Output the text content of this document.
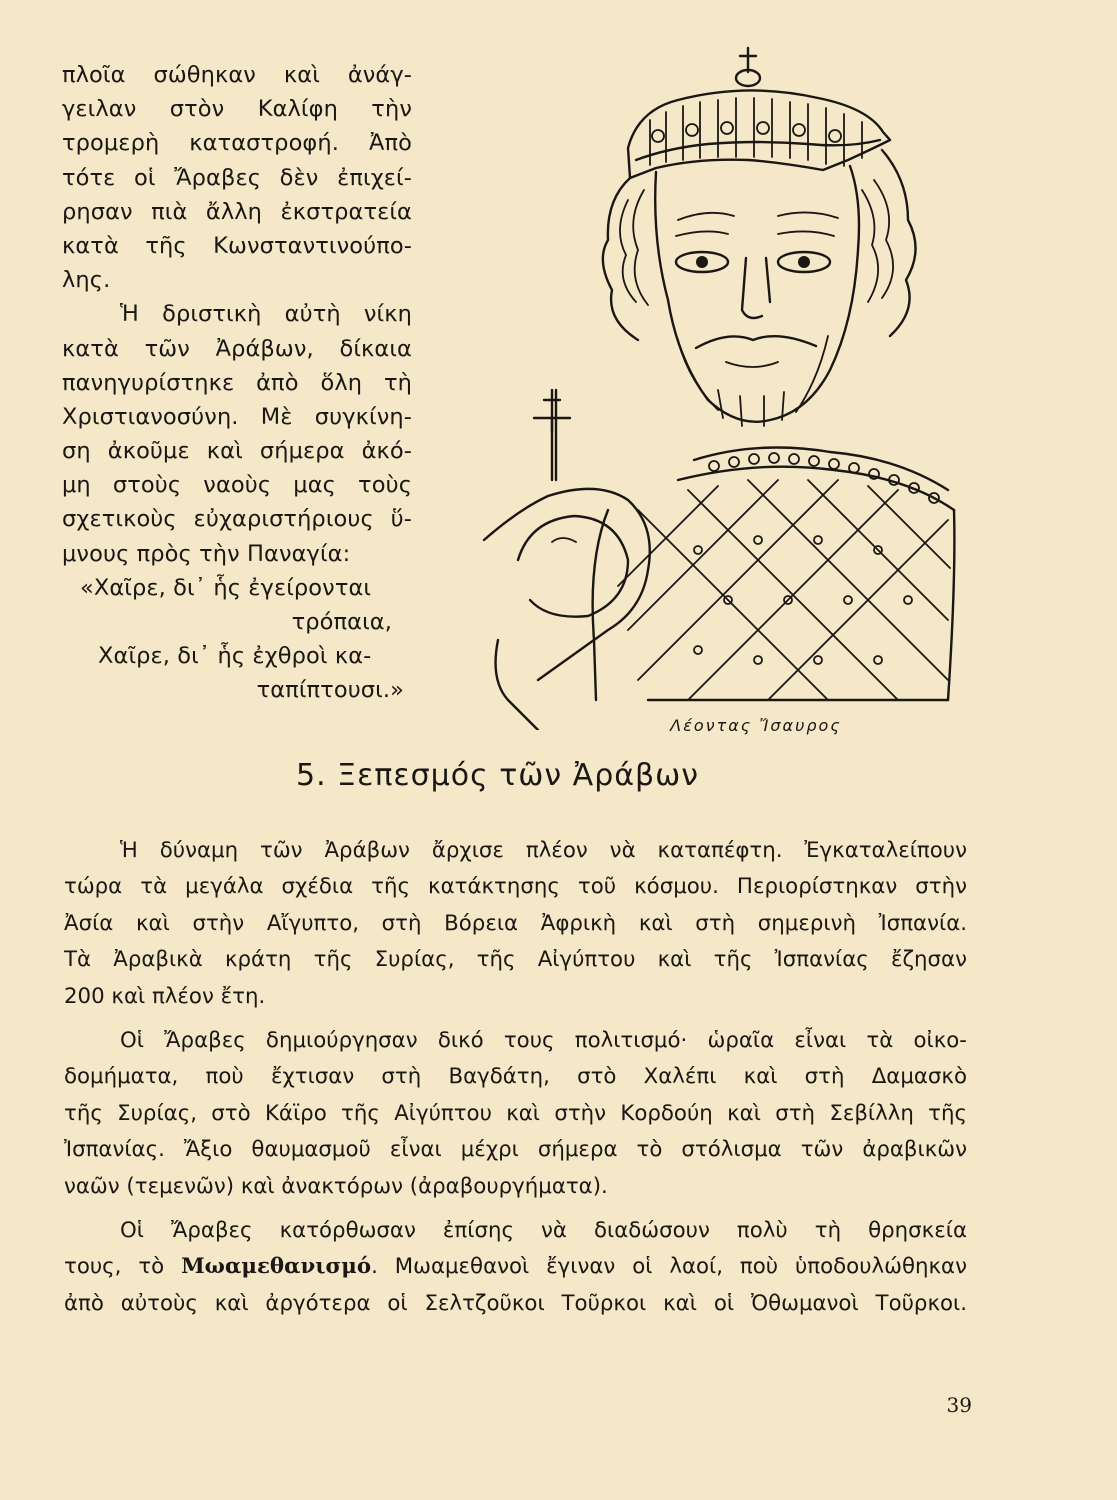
πλοῖα σώθηκαν καὶ ἀνάγ-
γειλαν στὸν Καλίφη τὴν
τρομερὴ καταστροφή. Ἀπὸ
τότε οἱ Ἄραβες δὲν ἐπιχεί-
ρησαν πιὰ ἄλλη ἐκστρατεία
κατὰ τῆς Κωνσταντινούπο-
λης.
Ἡ δριστικὴ αὐτὴ νίκη
κατὰ τῶν Ἀράβων, δίκαια
πανηγυρίστηκε ἀπὸ ὅλη τὴ
Χριστιανοσύνη. Μὲ συγκίνη-
ση ἀκοῦμε καὶ σήμερα ἀκό-
μη στοὺς ναοὺς μας τοὺς
σχετικοὺς εὐχαριστήριους ὕ-
μνους πρὸς τὴν Παναγία:
«Χαῖρε, δι᾽ ἧς ἐγείρονται
τρόπαια,
Χαῖρε, δι᾽ ἧς ἐχθροὶ κα-
ταπίπτουσι.»
Λέοντας Ἴσαυρος
5. Ξεπεσμός τῶν Ἀράβων
Ἡ δύναμη τῶν Ἀράβων ἄρχισε πλέον νὰ καταπέφτη. Ἐγκαταλείπουν
τώρα τὰ μεγάλα σχέδια τῆς κατάκτησης τοῦ κόσμου. Περιορίστηκαν στὴν
Ἀσία καὶ στὴν Αἴγυπτο, στὴ Βόρεια Ἀφρικὴ καὶ στὴ σημερινὴ Ἰσπανία.
Τὰ Ἀραβικὰ κράτη τῆς Συρίας, τῆς Αἰγύπτου καὶ τῆς Ἰσπανίας ἔζησαν
200 καὶ πλέον ἔτη.
Οἱ Ἄραβες δημιούργησαν δικό τους πολιτισμό· ὡραῖα εἶναι τὰ οἰκο-
δομήματα, ποὺ ἔχτισαν στὴ Βαγδάτη, στὸ Χαλέπι καὶ στὴ Δαμασκὸ
τῆς Συρίας, στὸ Κάϊρο τῆς Αἰγύπτου καὶ στὴν Κορδούη καὶ στὴ Σεβίλλη τῆς
Ἰσπανίας. Ἄξιο θαυμασμοῦ εἶναι μέχρι σήμερα τὸ στόλισμα τῶν ἀραβικῶν
ναῶν (τεμενῶν) καὶ ἀνακτόρων (ἀραβουργήματα).
Οἱ Ἄραβες κατόρθωσαν ἐπίσης νὰ διαδώσουν πολὺ τὴ θρησκεία
τους, τὸ Μωαμεθανισμό. Μωαμεθανοὶ ἔγιναν οἱ λαοί, ποὺ ὑποδουλώθηκαν
ἀπὸ αὐτοὺς καὶ ἀργότερα οἱ Σελτζοῦκοι Τοῦρκοι καὶ οἱ Ὀθωμανοὶ Τοῦρκοι.
39
